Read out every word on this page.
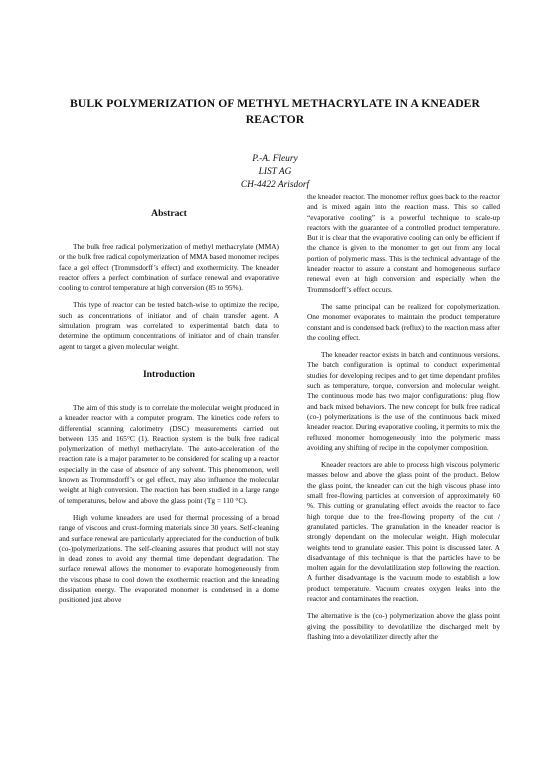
BULK POLYMERIZATION OF METHYL METHACRYLATE IN A KNEADER REACTOR
P.-A. Fleury
LIST AG
CH-4422 Arisdorf
Abstract

The bulk free radical polymerization of methyl methacrylate (MMA) or the bulk free radical copolymerization of MMA based monomer recipes face a gel effect (Trommsdorff’s effect) and exothermicity. The kneader reactor offers a perfect combination of surface renewal and evaporative cooling to control temperature at high conversion (85 to 95%).

This type of reactor can be tested batch-wise to optimize the recipe, such as concentrations of initiator and of chain transfer agent. A simulation program was correlated to experimental batch data to determine the optimum concentrations of initiator and of chain transfer agent to target a given molecular weight.

Introduction

The aim of this study is to correlate the molecular weight produced in a kneader reactor with a computer program. The kinetics code refers to differential scanning calorimetry (DSC) measurements carried out between 135 and 165°C (1). Reaction system is the bulk free radical polymerization of methyl methacrylate. The auto-acceleration of the reaction rate is a major parameter to be considered for scaling up a reactor especially in the case of absence of any solvent. This phenomenon, well known as Trommsdorff’s or gel effect, may also influence the molecular weight at high conversion. The reaction has been studied in a large range of temperatures, below and above the glass point (Tg = 110 °C).

High volume kneaders are used for thermal processing of a broad range of viscous and crust-forming materials since 30 years. Self-cleaning and surface renewal are particularly appreciated for the conduction of bulk (co-)polymerizations. The self-cleaning assures that product will not stay in dead zones to avoid any thermal time dependant degradation. The surface renewal allows the monomer to evaporate homogeneously from the viscous phase to cool down the exothermic reaction and the kneading dissipation energy. The evaporated monomer is condensed in a dome positioned just above

the kneader reactor. The monomer reflux goes back to the reactor and is mixed again into the reaction mass. This so called “evaporative cooling” is a powerful technique to scale-up reactors with the guarantee of a controlled product temperature. But it is clear that the evaporative cooling can only be efficient if the chance is given to the monomer to get out from any local portion of polymeric mass. This is the technical advantage of the kneader reactor to assure a constant and homogeneous surface renewal even at high conversion and especially when the Trommsdorff’s effect occurs.

The same principal can be realized for copolymerization. One monomer evaporates to maintain the product temperature constant and is condensed back (reflux) to the reaction mass after the cooling effect.

The kneader reactor exists in batch and continuous versions. The batch configuration is optimal to conduct experimental studies for developing recipes and to get time dependant profiles such as temperature, torque, conversion and molecular weight. The continuous mode has two major configurations: plug flow and back mixed behaviors. The new concept for bulk free radical (co-) polymerizations is the use of the continuous back mixed kneader reactor. During evaporative cooling, it permits to mix the refluxed monomer homogeneously into the polymeric mass avoiding any shifting of recipe in the copolymer composition.

Kneader reactors are able to process high viscous polymeric masses below and above the glass point of the product. Below the glass point, the kneader can cut the high viscous phase into small free-flowing particles at conversion of approximately 60 %. This cutting or granulating effect avoids the reactor to face high torque due to the free-flowing property of the cut / granulated particles. The granulation in the kneader reactor is strongly dependant on the molecular weight. High molecular weights tend to granulate easier. This point is discussed later. A disadvantage of this technique is that the particles have to be molten again for the devolatilization step following the reaction. A further disadvantage is the vacuum mode to establish a low product temperature. Vacuum creates oxygen leaks into the reactor and contaminates the reaction.

The alternative is the (co-) polymerization above the glass point giving the possibility to devolatilize the discharged melt by flashing into a devolatilizer directly after the
